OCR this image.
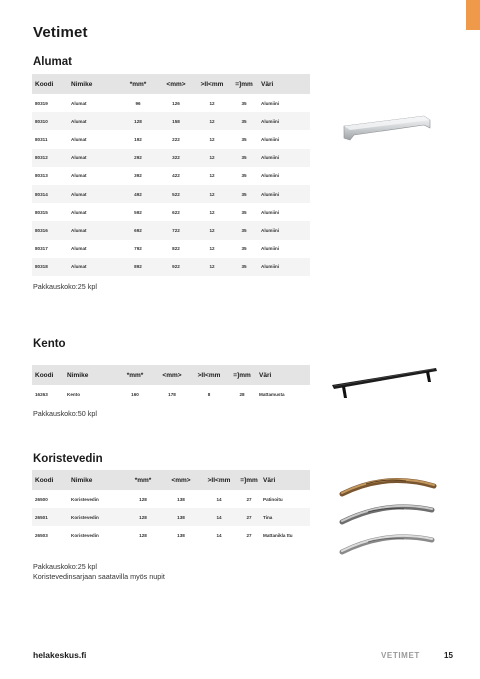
Vetimet
Alumat
Koodi	Nimike	*mm*	<mm>	>II<mm	=]mm	Väri
80319	Alumat	96	126	12	35	Alumiini
80310	Alumat	128	158	12	35	Alumiini
80311	Alumat	192	222	12	35	Alumiini
80312	Alumat	292	322	12	35	Alumiini
80313	Alumat	392	422	12	35	Alumiini
80314	Alumat	492	522	12	35	Alumiini
80315	Alumat	592	622	12	35	Alumiini
80316	Alumat	692	722	12	35	Alumiini
80317	Alumat	792	822	12	35	Alumiini
80318	Alumat	892	922	12	35	Alumiini
Pakkauskoko:25 kpl
Kento
Koodi	Nimike	*mm*	<mm>	>II<mm	=]mm	Väri
16263	Kento	160	178	8	28	Mattamusta
Pakkauskoko:50 kpl
Koristevedin
Koodi	Nimike	*mm*	<mm>	>II<mm	=]mm	Väri
26500	Koristevedin	128	138	14	27	Patinoitu
26501	Koristevedin	128	138	14	27	Tina
26503	Koristevedin	128	138	14	27	Mattanikla ttu
Pakkauskoko:25 kpl
Koristevedinsarjaan saatavilla myös nupit
helakeskus.fi	VETIMET	15
